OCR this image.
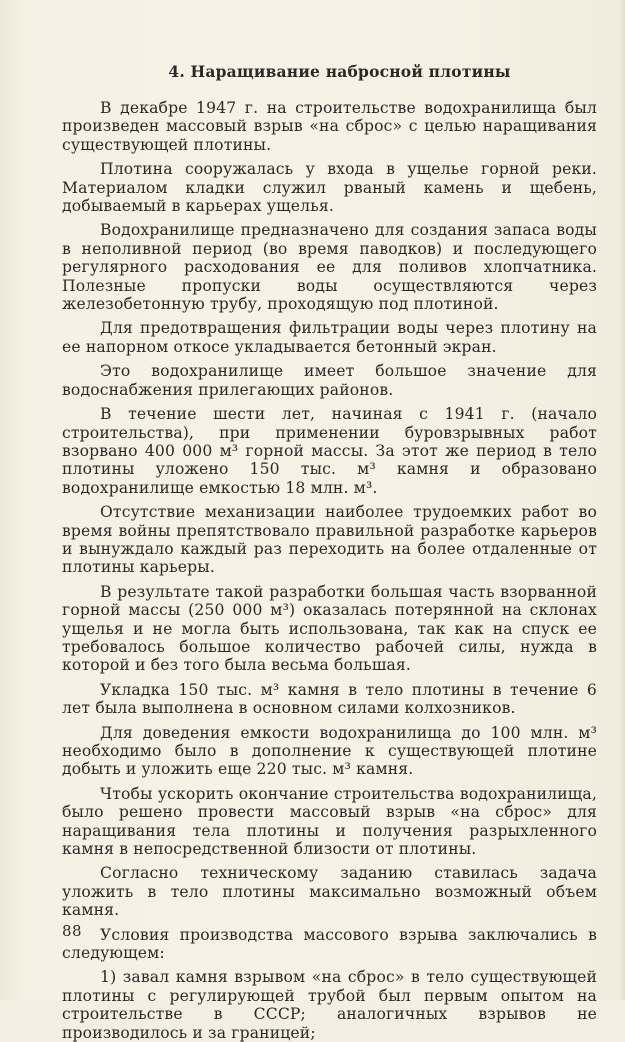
4. Наращивание набросной плотины

В декабре 1947 г. на строительстве водохранилища был произведен массовый взрыв «на сброс» с целью наращивания существующей плотины.

Плотина сооружалась у входа в ущелье горной реки. Материалом кладки служил рваный камень и щебень, добываемый в карьерах ущелья.

Водохранилище предназначено для создания запаса воды в неполивной период (во время паводков) и последующего регулярного расходования ее для поливов хлопчатника. Полезные пропуски воды осуществляются через железобетонную трубу, проходящую под плотиной.

Для предотвращения фильтрации воды через плотину на ее напорном откосе укладывается бетонный экран.

Это водохранилище имеет большое значение для водоснабжения прилегающих районов.

В течение шести лет, начиная с 1941 г. (начало строительства), при применении буровзрывных работ взорвано 400 000 м³ горной массы. За этот же период в тело плотины уложено 150 тыс. м³ камня и образовано водохранилище емкостью 18 млн. м³.

Отсутствие механизации наиболее трудоемких работ во время войны препятствовало правильной разработке карьеров и вынуждало каждый раз переходить на более отдаленные от плотины карьеры.

В результате такой разработки большая часть взорванной горной массы (250 000 м³) оказалась потерянной на склонах ущелья и не могла быть использована, так как на спуск ее требовалось большое количество рабочей силы, нужда в которой и без того была весьма большая.

Укладка 150 тыс. м³ камня в тело плотины в течение 6 лет была выполнена в основном силами колхозников.

Для доведения емкости водохранилища до 100 млн. м³ необходимо было в дополнение к существующей плотине добыть и уложить еще 220 тыс. м³ камня.

Чтобы ускорить окончание строительства водохранилища, было решено провести массовый взрыв «на сброс» для наращивания тела плотины и получения разрыхленного камня в непосредственной близости от плотины.

Согласно техническому заданию ставилась задача уложить в тело плотины максимально возможный объем камня.

Условия производства массового взрыва заключались в следующем:

1) завал камня взрывом «на сброс» в тело существующей плотины с регулирующей трубой был первым опытом на строительстве в СССР; аналогичных взрывов не производилось и за границей;

88
